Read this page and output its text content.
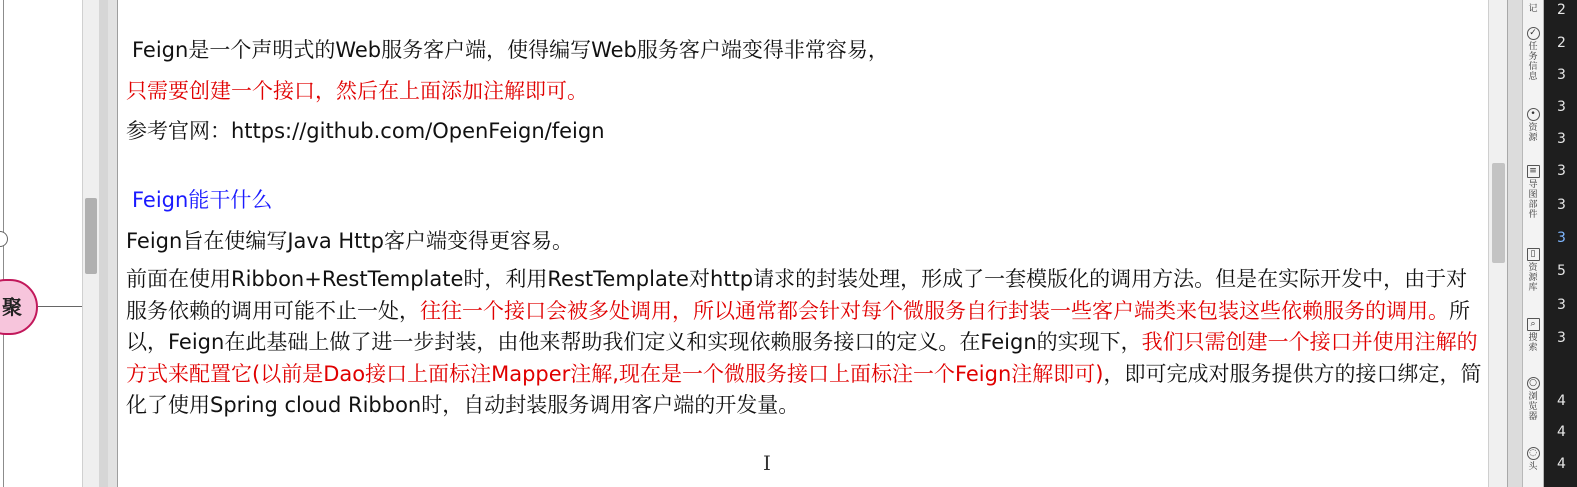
聚
Feign是一个声明式的Web服务客户端，使得编写Web服务客户端变得非常容易，
只需要创建一个接口，然后在上面添加注解即可。
参考官网：https://github.com/OpenFeign/feign
Feign能干什么
Feign旨在使编写Java Http客户端变得更容易。
前面在使用Ribbon+RestTemplate时，利用RestTemplate对http请求的封装处理，形成了一套模版化的调用方法。但是在实际开发中，由于对服务依赖的调用可能不止一处，往往一个接口会被多处调用，所以通常都会针对每个微服务自行封装一些客户端类来包装这些依赖服务的调用。所以，Feign在此基础上做了进一步封装，由他来帮助我们定义和实现依赖服务接口的定义。在Feign的实现下，我们只需创建一个接口并使用注解的方式来配置它(以前是Dao接口上面标注Mapper注解,现在是一个微服务接口上面标注一个Feign注解即可)，即可完成对服务提供方的接口绑定，简化了使用Spring cloud Ribbon时，自动封装服务调用客户端的开发量。
I
记
✓
任务信息
•
资源
≡
导图部件
▯
资源库
⌕
搜索
○
浏览器
◌
头
2
2
3
3
3
3
3
3
5
3
3
4
4
4
